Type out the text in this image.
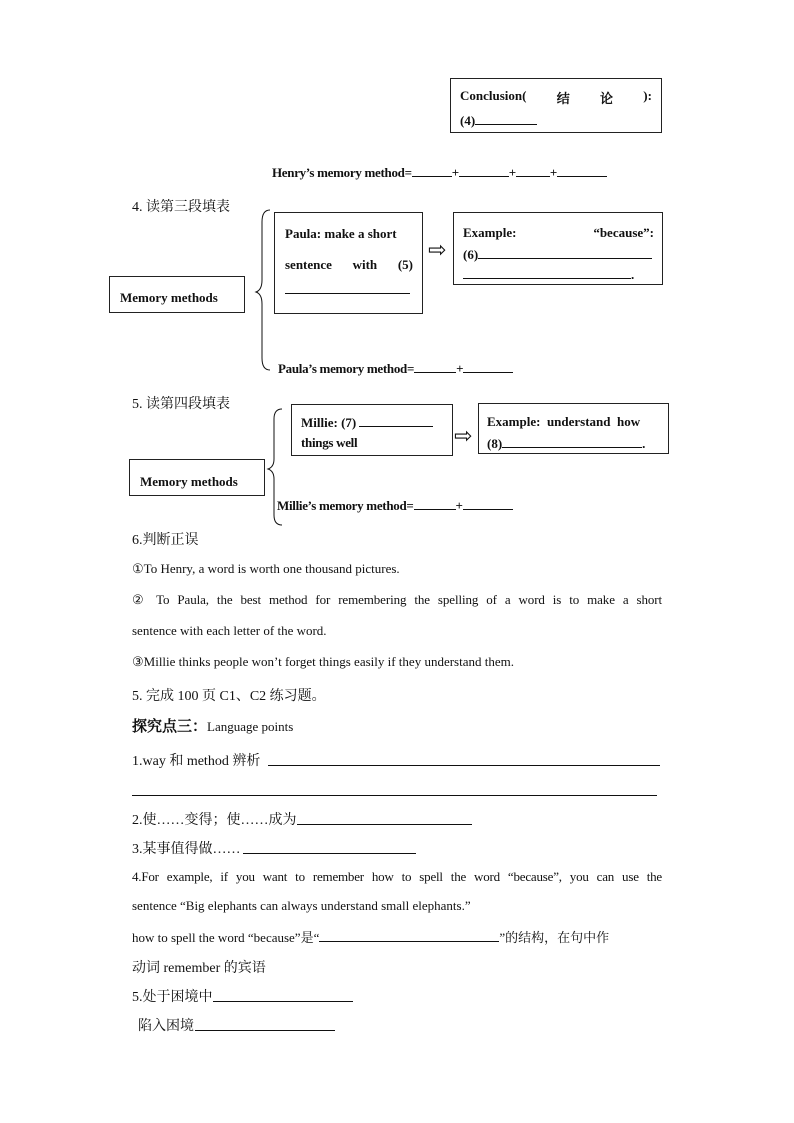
Conclusion( 结 论 ):
(4)
Henry’s memory method=	+	+	+
4. 读第三段填表
Memory methods
Paula: make a short
sentence with (5)
⇨
Example:	“because”:
(6)
.
Paula’s memory method=	+
5. 读第四段填表
Memory methods
Millie: (7)
things well	⇨
Example:  understand  how
(8)	.
Millie’s memory method=	+
6.判断正误
①To Henry, a word is worth one thousand pictures.
② To Paula, the best method for remembering the spelling of a word is to make a short
sentence with each letter of the word.
③Millie thinks people won’t forget things easily if they understand them.
5. 完成 100 页 C1、C2 练习题。
探究点三：Language points
1.way 和 method 辨析
2.使……变得；使……成为
3.某事值得做……
4.For example, if you want to remember how to spell the word “because”, you can use the
sentence “Big elephants can always understand small elephants.”
how to spell the word “because”是“	”的结构，在句中作
动词 remember 的宾语
5.处于困境中
陷入困境
